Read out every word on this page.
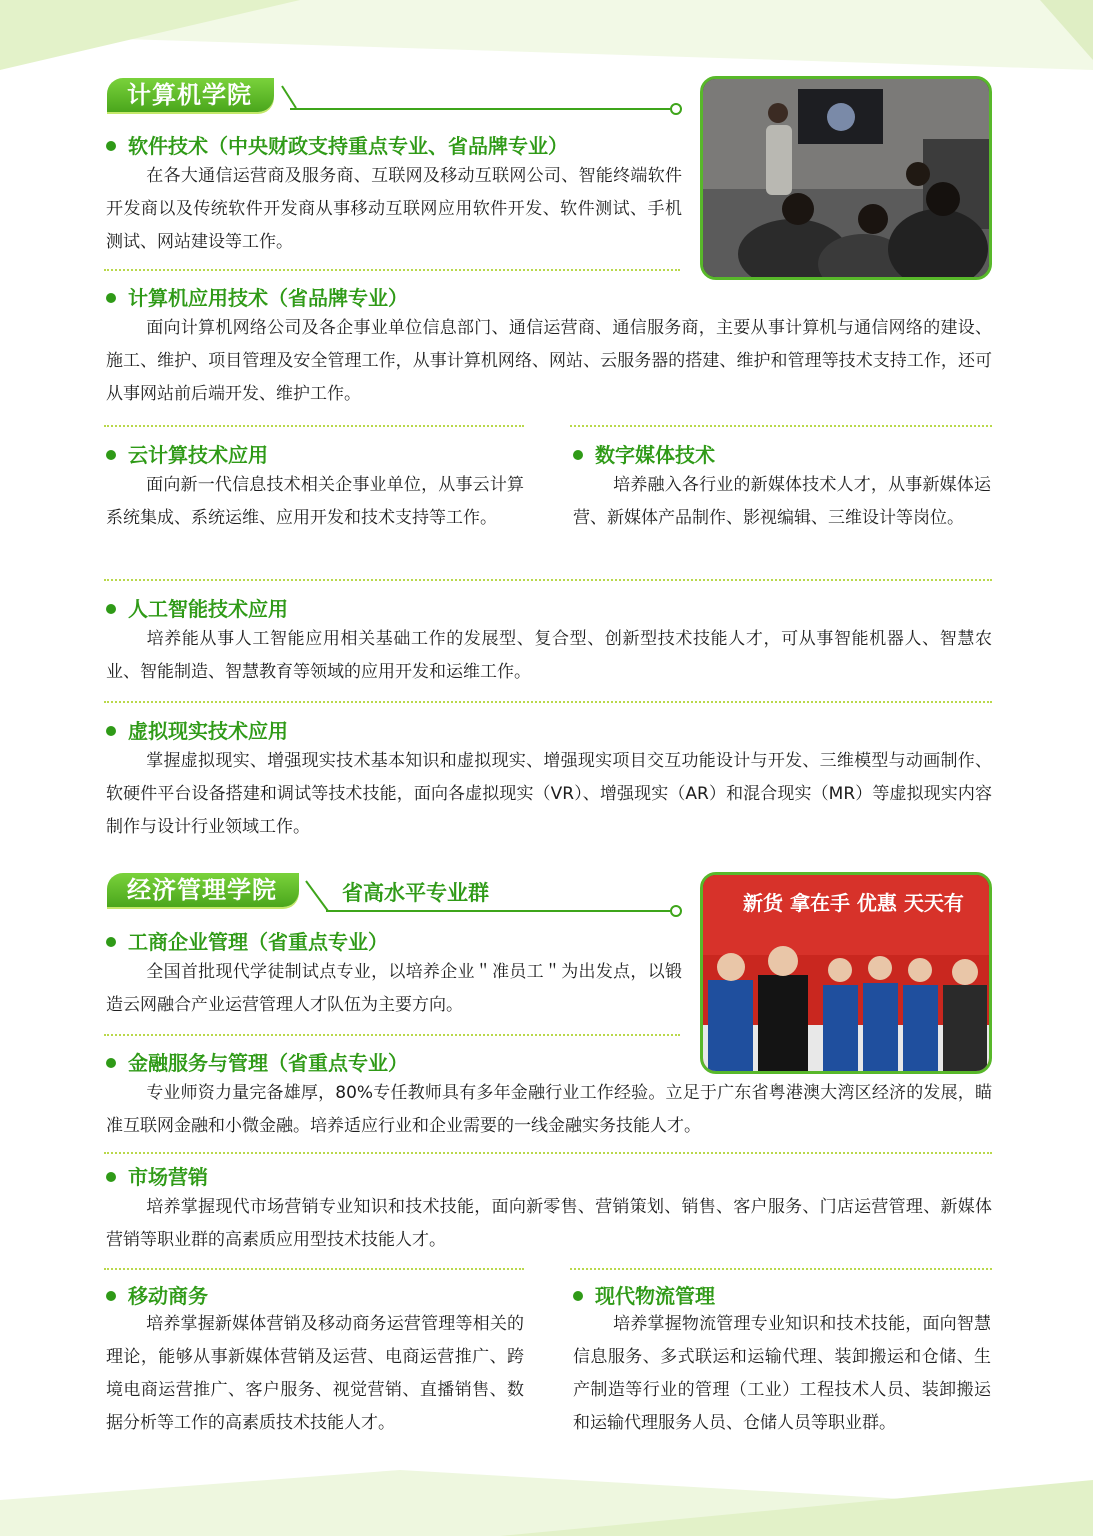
计算机学院
软件技术（中央财政支持重点专业、省品牌专业）
在各大通信运营商及服务商、互联网及移动互联网公司、智能终端软件开发商以及传统软件开发商从事移动互联网应用软件开发、软件测试、手机测试、网站建设等工作。
计算机应用技术（省品牌专业）
面向计算机网络公司及各企事业单位信息部门、通信运营商、通信服务商，主要从事计算机与通信网络的建设、施工、维护、项目管理及安全管理工作，从事计算机网络、网站、云服务器的搭建、维护和管理等技术支持工作，还可从事网站前后端开发、维护工作。
云计算技术应用
面向新一代信息技术相关企事业单位，从事云计算系统集成、系统运维、应用开发和技术支持等工作。
数字媒体技术
培养融入各行业的新媒体技术人才，从事新媒体运营、新媒体产品制作、影视编辑、三维设计等岗位。
人工智能技术应用
培养能从事人工智能应用相关基础工作的发展型、复合型、创新型技术技能人才，可从事智能机器人、智慧农业、智能制造、智慧教育等领域的应用开发和运维工作。
虚拟现实技术应用
掌握虚拟现实、增强现实技术基本知识和虚拟现实、增强现实项目交互功能设计与开发、三维模型与动画制作、软硬件平台设备搭建和调试等技术技能，面向各虚拟现实（VR）、增强现实（AR）和混合现实（MR）等虚拟现实内容制作与设计行业领域工作。
经济管理学院	省高水平专业群	新货 拿在手 优惠 天天有
工商企业管理（省重点专业）
全国首批现代学徒制试点专业，以培养企业＂准员工＂为出发点，以锻造云网融合产业运营管理人才队伍为主要方向。
金融服务与管理（省重点专业）
专业师资力量完备雄厚，80%专任教师具有多年金融行业工作经验。立足于广东省粤港澳大湾区经济的发展，瞄准互联网金融和小微金融。培养适应行业和企业需要的一线金融实务技能人才。
市场营销
培养掌握现代市场营销专业知识和技术技能，面向新零售、营销策划、销售、客户服务、门店运营管理、新媒体营销等职业群的高素质应用型技术技能人才。
移动商务
培养掌握新媒体营销及移动商务运营管理等相关的理论，能够从事新媒体营销及运营、电商运营推广、跨境电商运营推广、客户服务、视觉营销、直播销售、数据分析等工作的高素质技术技能人才。
现代物流管理
培养掌握物流管理专业知识和技术技能，面向智慧信息服务、多式联运和运输代理、装卸搬运和仓储、生产制造等行业的管理（工业）工程技术人员、装卸搬运和运输代理服务人员、仓储人员等职业群。
